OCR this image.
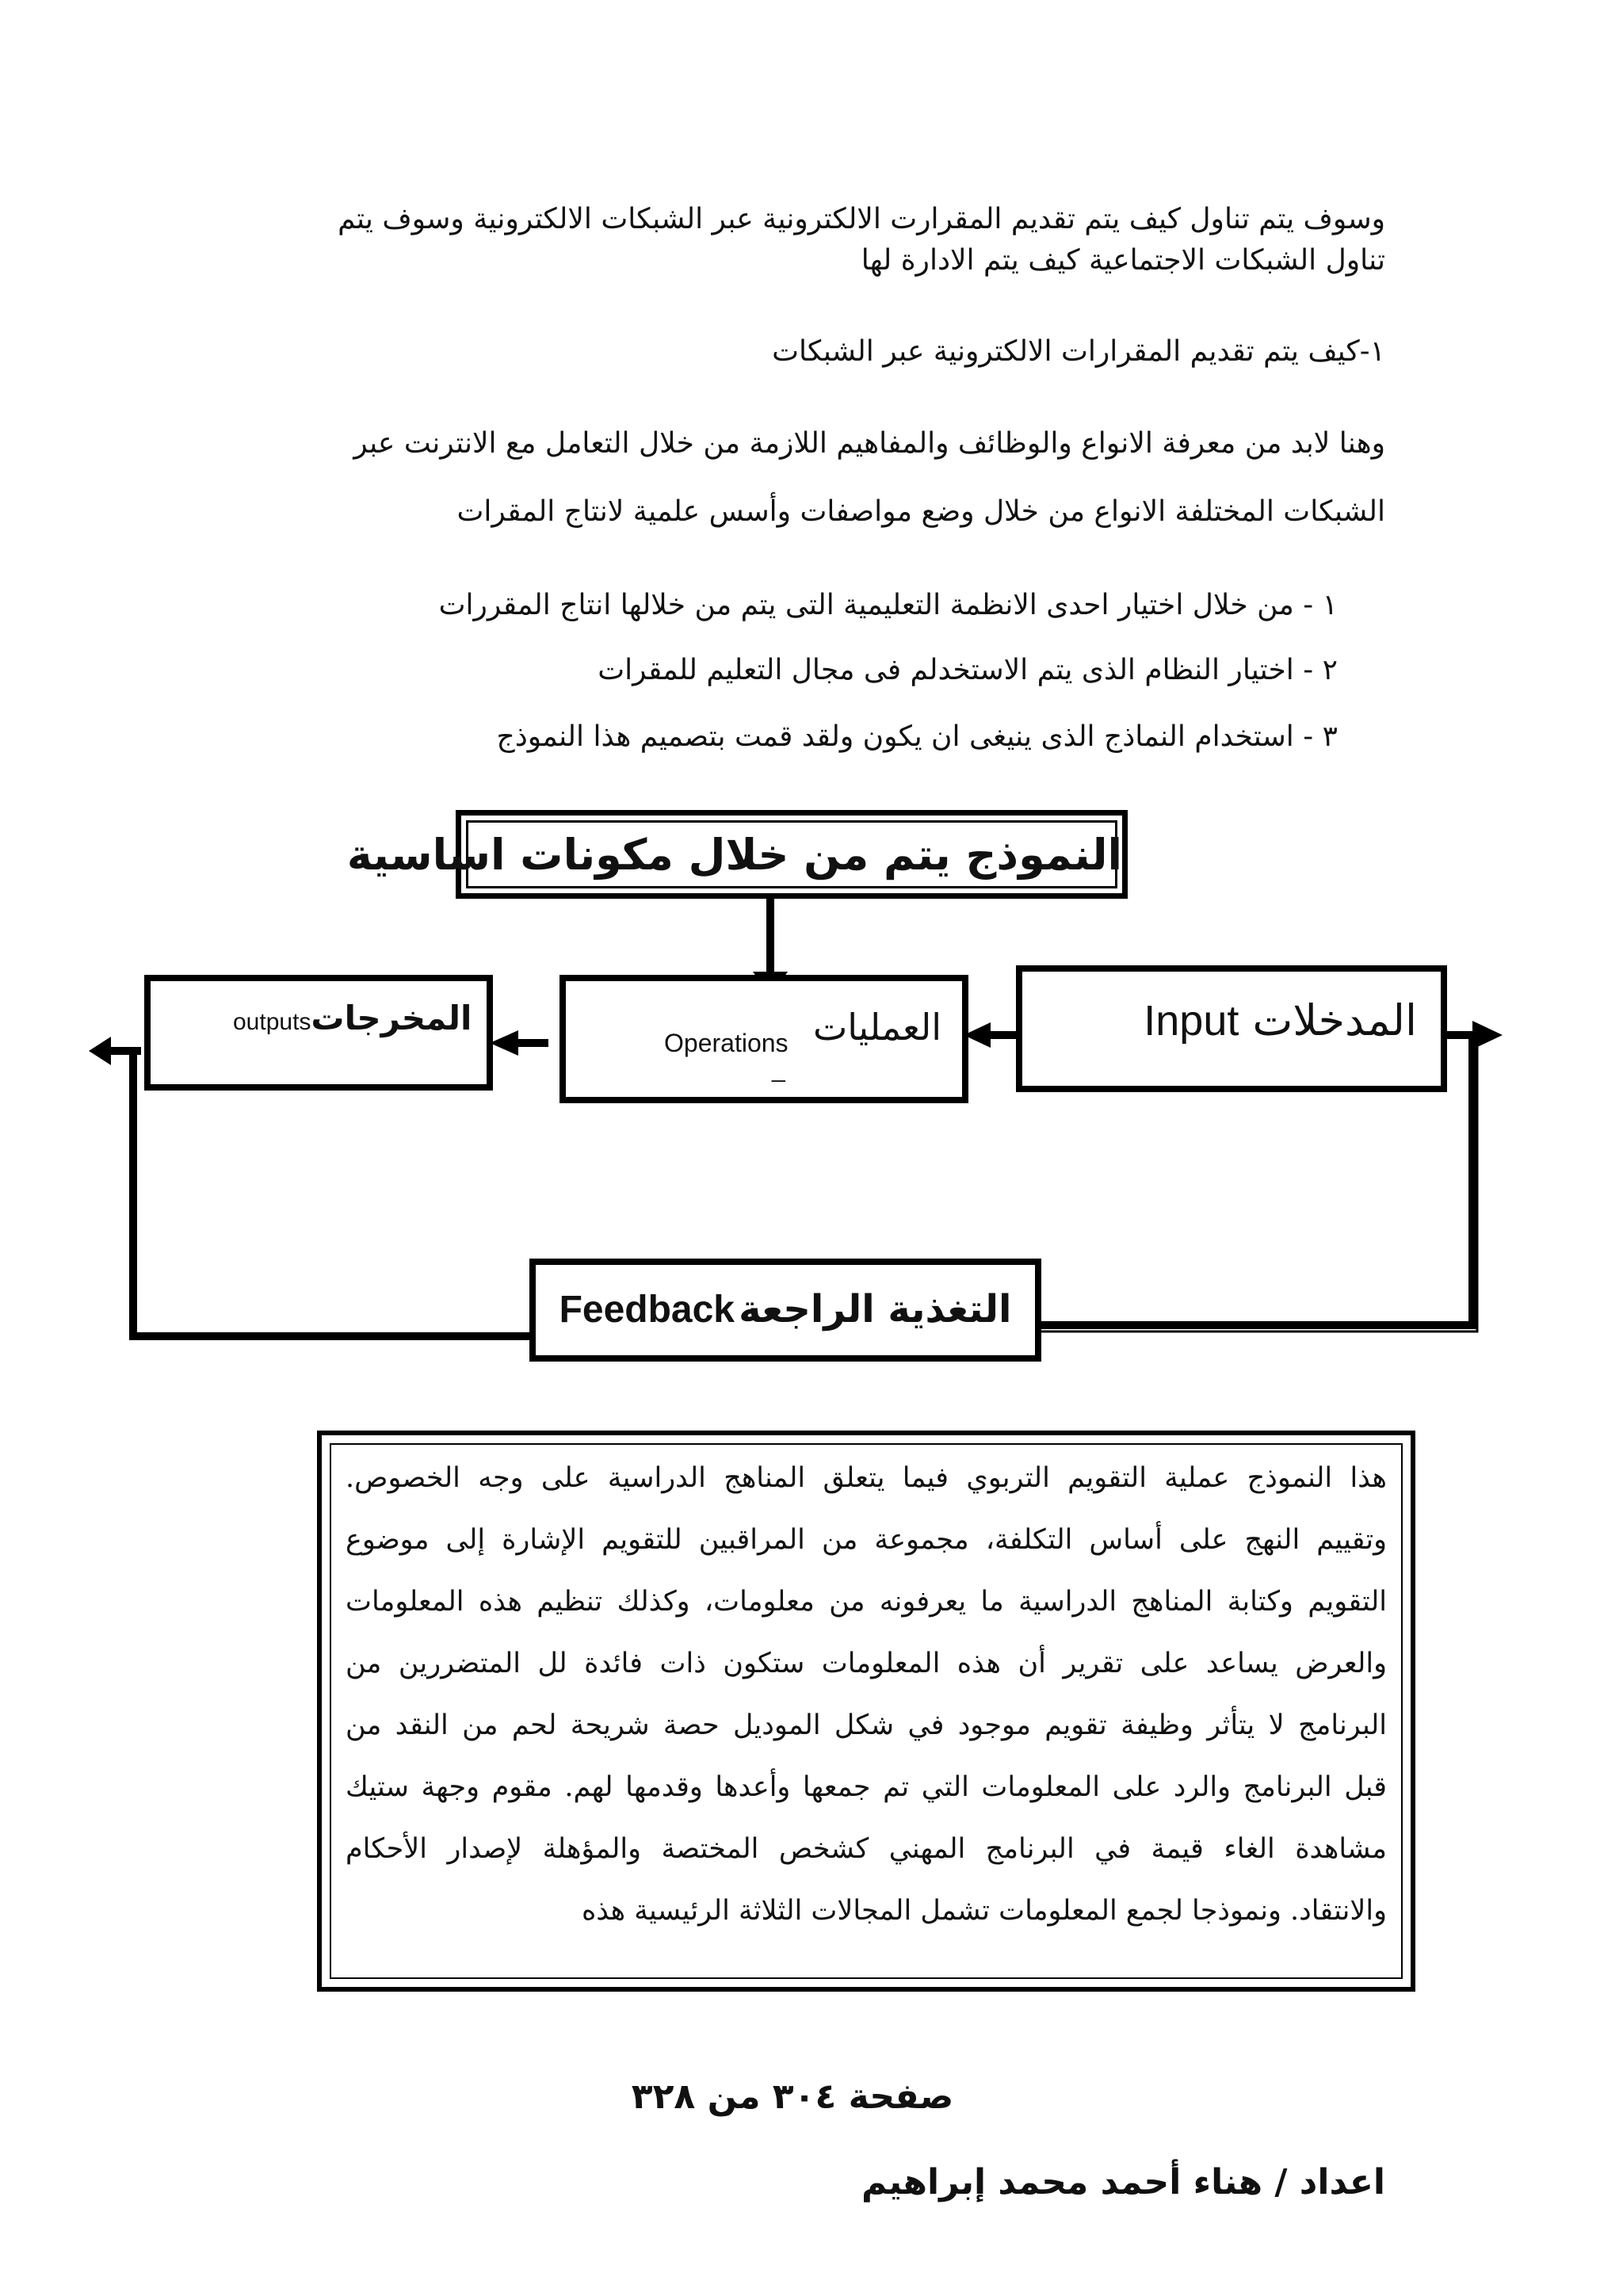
وسوف يتم تناول كيف يتم تقديم المقرارت الالكترونية عبر الشبكات الالكترونية وسوف يتم
تناول الشبكات الاجتماعية كيف يتم الادارة لها
١-كيف يتم تقديم المقرارات الالكترونية عبر الشبكات
وهنا لابد من معرفة الانواع والوظائف والمفاهيم اللازمة من خلال التعامل مع الانترنت عبر
الشبكات المختلفة الانواع من خلال وضع مواصفات وأسس علمية لانتاج المقرات
١ - من خلال اختيار احدى الانظمة التعليمية التى يتم من خلالها انتاج المقررات
٢ - اختيار النظام الذى يتم الاستخدلم فى مجال التعليم للمقرات
٣ - استخدام النماذج الذى ينيغى ان يكون ولقد قمت بتصميم هذا النموذج
النموذج يتم من خلال مكونات اساسية
المدخلات Input
العمليات
Operations
_
outputsالمخرجات
التغذية الراجعة Feedback
هذا النموذج عملية التقويم التربوي فيما يتعلق المناهج الدراسية على وجه الخصوص.
وتقييم النهج على أساس التكلفة، مجموعة من المراقبين للتقويم الإشارة إلى موضوع
التقويم وكتابة المناهج الدراسية ما يعرفونه من معلومات، وكذلك تنظيم هذه المعلومات
والعرض يساعد على تقرير أن هذه المعلومات ستكون ذات فائدة لل المتضررين من
البرنامج لا يتأثر وظيفة تقويم موجود في شكل الموديل حصة شريحة لحم من النقد من
قبل البرنامج والرد على المعلومات التي تم جمعها وأعدها وقدمها لهم. مقوم وجهة ستيك
مشاهدة الغاء قيمة في البرنامج المهني كشخص المختصة والمؤهلة لإصدار الأحكام
والانتقاد. ونموذجا لجمع المعلومات تشمل المجالات الثلاثة الرئيسية هذه
صفحة ٣٠٤ من ٣٢٨
اعداد / هناء أحمد محمد إبراهيم
